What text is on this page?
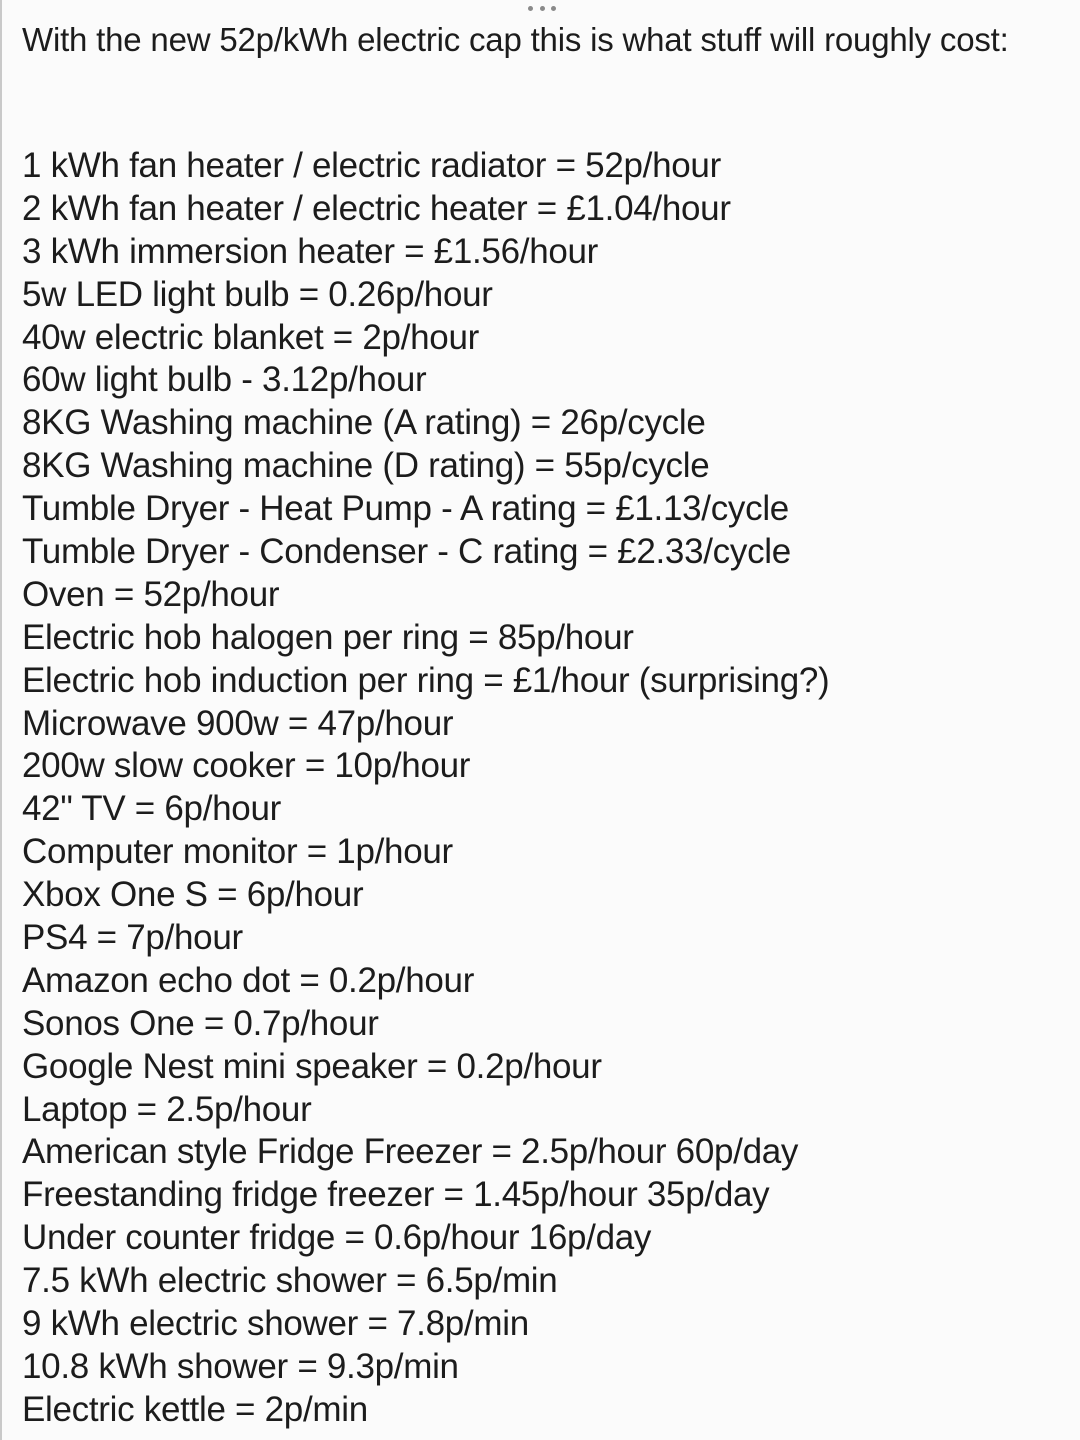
With the new 52p/kWh electric cap this is what stuff will roughly cost:
1 kWh fan heater / electric radiator = 52p/hour
2 kWh fan heater / electric heater = £1.04/hour
3 kWh immersion heater = £1.56/hour
5w LED light bulb = 0.26p/hour
40w electric blanket = 2p/hour
60w light bulb - 3.12p/hour
8KG Washing machine (A rating) = 26p/cycle
8KG Washing machine (D rating) = 55p/cycle
Tumble Dryer - Heat Pump - A rating = £1.13/cycle
Tumble Dryer - Condenser - C rating = £2.33/cycle
Oven = 52p/hour
Electric hob halogen per ring = 85p/hour
Electric hob induction per ring = £1/hour (surprising?)
Microwave 900w = 47p/hour
200w slow cooker = 10p/hour
42" TV = 6p/hour
Computer monitor = 1p/hour
Xbox One S = 6p/hour
PS4 = 7p/hour
Amazon echo dot = 0.2p/hour
Sonos One = 0.7p/hour
Google Nest mini speaker = 0.2p/hour
Laptop = 2.5p/hour
American style Fridge Freezer = 2.5p/hour 60p/day
Freestanding fridge freezer = 1.45p/hour 35p/day
Under counter fridge = 0.6p/hour 16p/day
7.5 kWh electric shower = 6.5p/min
9 kWh electric shower = 7.8p/min
10.8 kWh shower = 9.3p/min
Electric kettle = 2p/min
